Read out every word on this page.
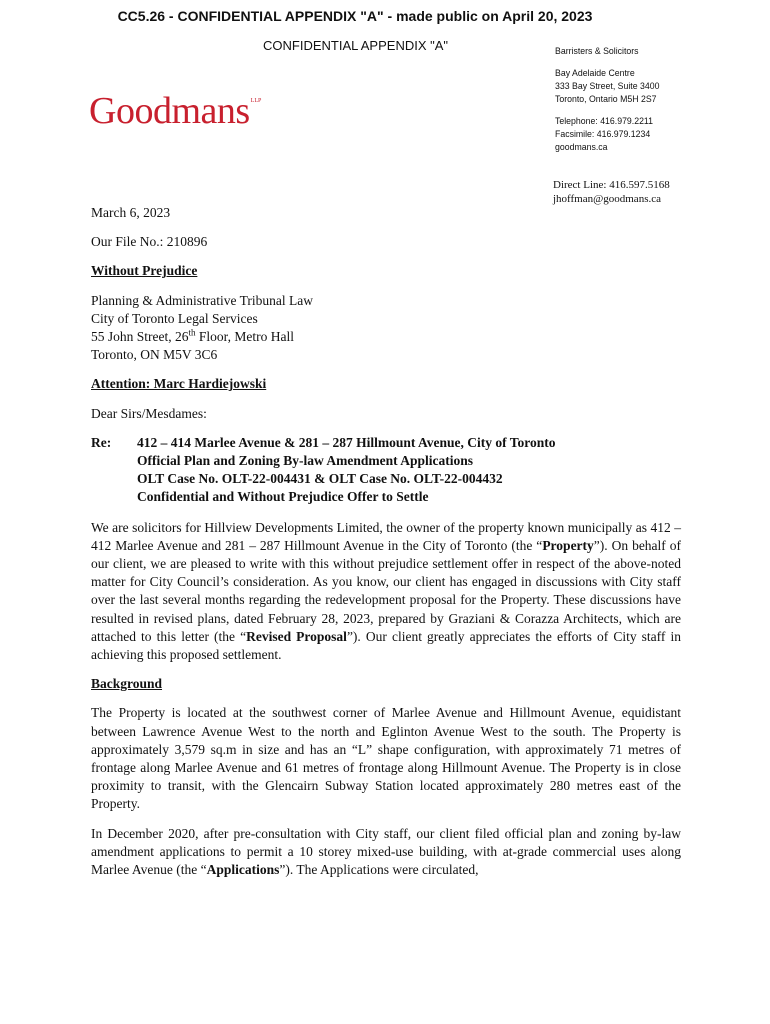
CC5.26 - CONFIDENTIAL APPENDIX "A" - made public on April 20, 2023
CONFIDENTIAL APPENDIX "A"
Goodmans$^{LLP}$
Barristers & Solicitors
Bay Adelaide Centre
333 Bay Street, Suite 3400
Toronto, Ontario M5H 2S7
Telephone: 416.979.2211
Facsimile: 416.979.1234
goodmans.ca
Direct Line: 416.597.5168
jhoffman@goodmans.ca

March 6, 2023

Our File No.: 210896

Without Prejudice

Planning & Administrative Tribunal Law

City of Toronto Legal Services

55 John Street, 26th Floor, Metro Hall

Toronto, ON M5V 3C6

Attention: Marc Hardiejowski

Dear Sirs/Mesdames:

Re:	412 – 414 Marlee Avenue & 281 – 287 Hillmount Avenue, City of Toronto

Official Plan and Zoning By-law Amendment Applications

OLT Case No. OLT-22-004431 & OLT Case No. OLT-22-004432

Confidential and Without Prejudice Offer to Settle

We are solicitors for Hillview Developments Limited, the owner of the property known municipally as 412 – 412 Marlee Avenue and 281 – 287 Hillmount Avenue in the City of Toronto (the “Property”). On behalf of our client, we are pleased to write with this without prejudice settlement offer in respect of the above-noted matter for City Council’s consideration. As you know, our client has engaged in discussions with City staff over the last several months regarding the redevelopment proposal for the Property. These discussions have resulted in revised plans, dated February 28, 2023, prepared by Graziani & Corazza Architects, which are attached to this letter (the “Revised Proposal”). Our client greatly appreciates the efforts of City staff in achieving this proposed settlement.

Background

The Property is located at the southwest corner of Marlee Avenue and Hillmount Avenue, equidistant between Lawrence Avenue West to the north and Eglinton Avenue West to the south. The Property is approximately 3,579 sq.m in size and has an “L” shape configuration, with approximately 71 metres of frontage along Marlee Avenue and 61 metres of frontage along Hillmount Avenue. The Property is in close proximity to transit, with the Glencairn Subway Station located approximately 280 metres east of the Property.

In December 2020, after pre-consultation with City staff, our client filed official plan and zoning by-law amendment applications to permit a 10 storey mixed-use building, with at-grade commercial uses along Marlee Avenue (the “Applications”). The Applications were circulated,
